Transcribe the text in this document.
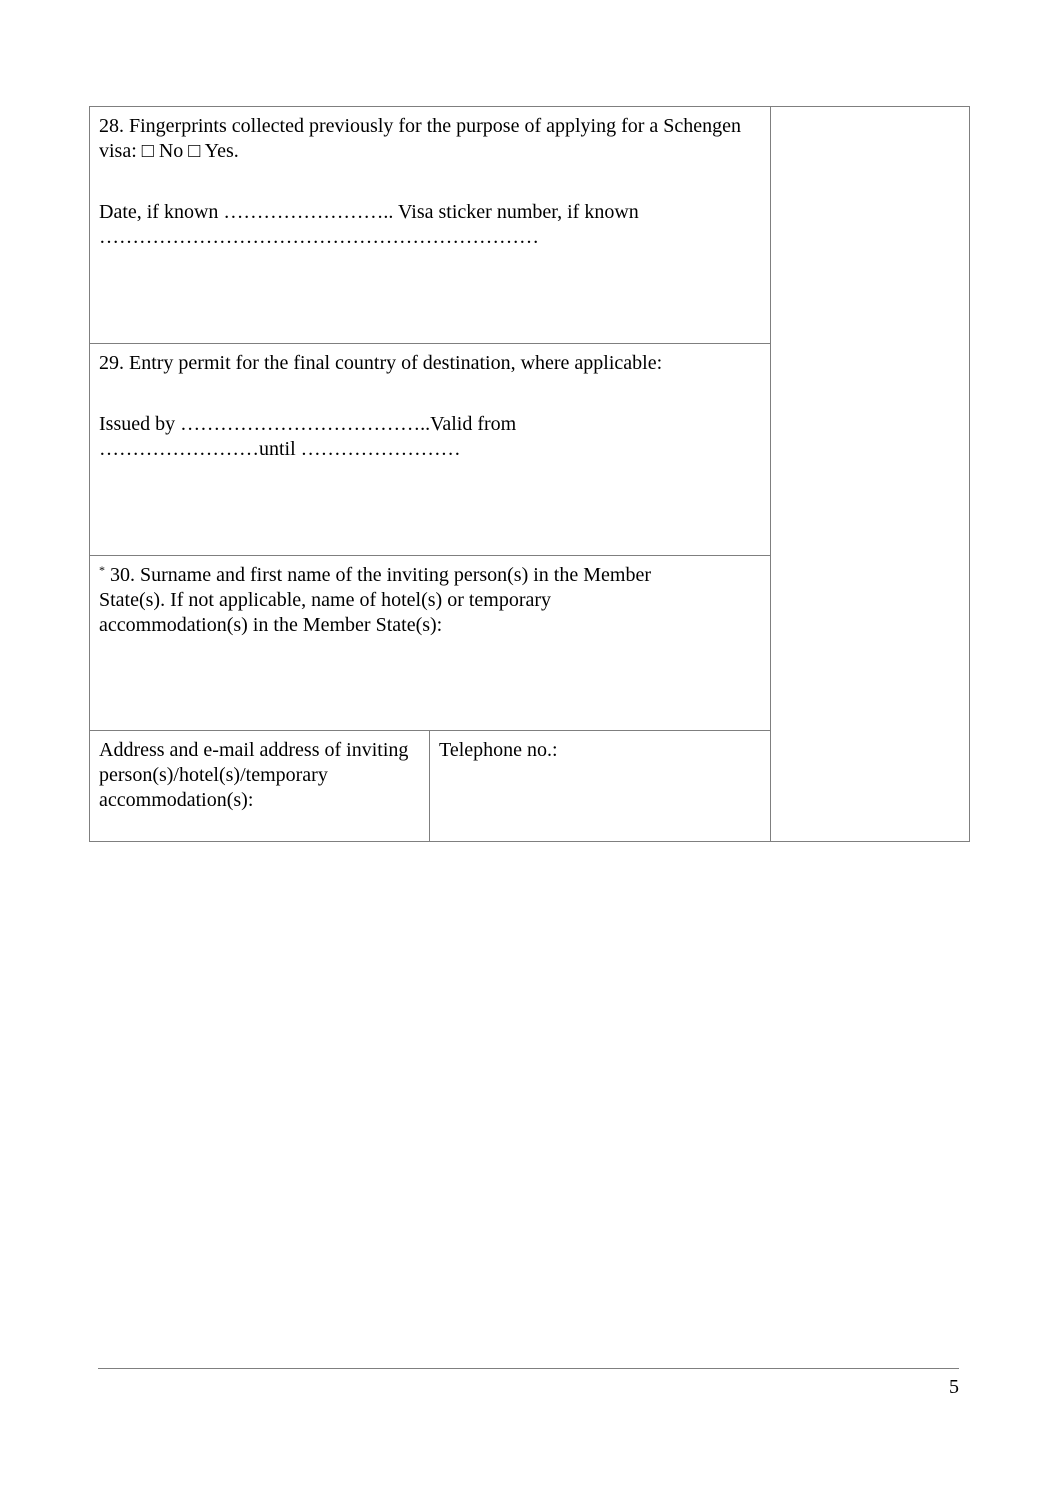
28. Fingerprints collected previously for the purpose of applying for a Schengen visa: □ No □ Yes.

Date, if known …………………….. Visa sticker number, if known

…………………………………………………………		

29. Entry permit for the final country of destination, where applicable:

Issued by ………………………………..Valid from

……………………until ……………………		

* 30. Surname and first name of the inviting person(s) in the Member State(s). If not applicable, name of hotel(s) or temporary accommodation(s) in the Member State(s):		

Address and e-mail address of inviting person(s)/hotel(s)/temporary accommodation(s):	Telephone no.:	

5
